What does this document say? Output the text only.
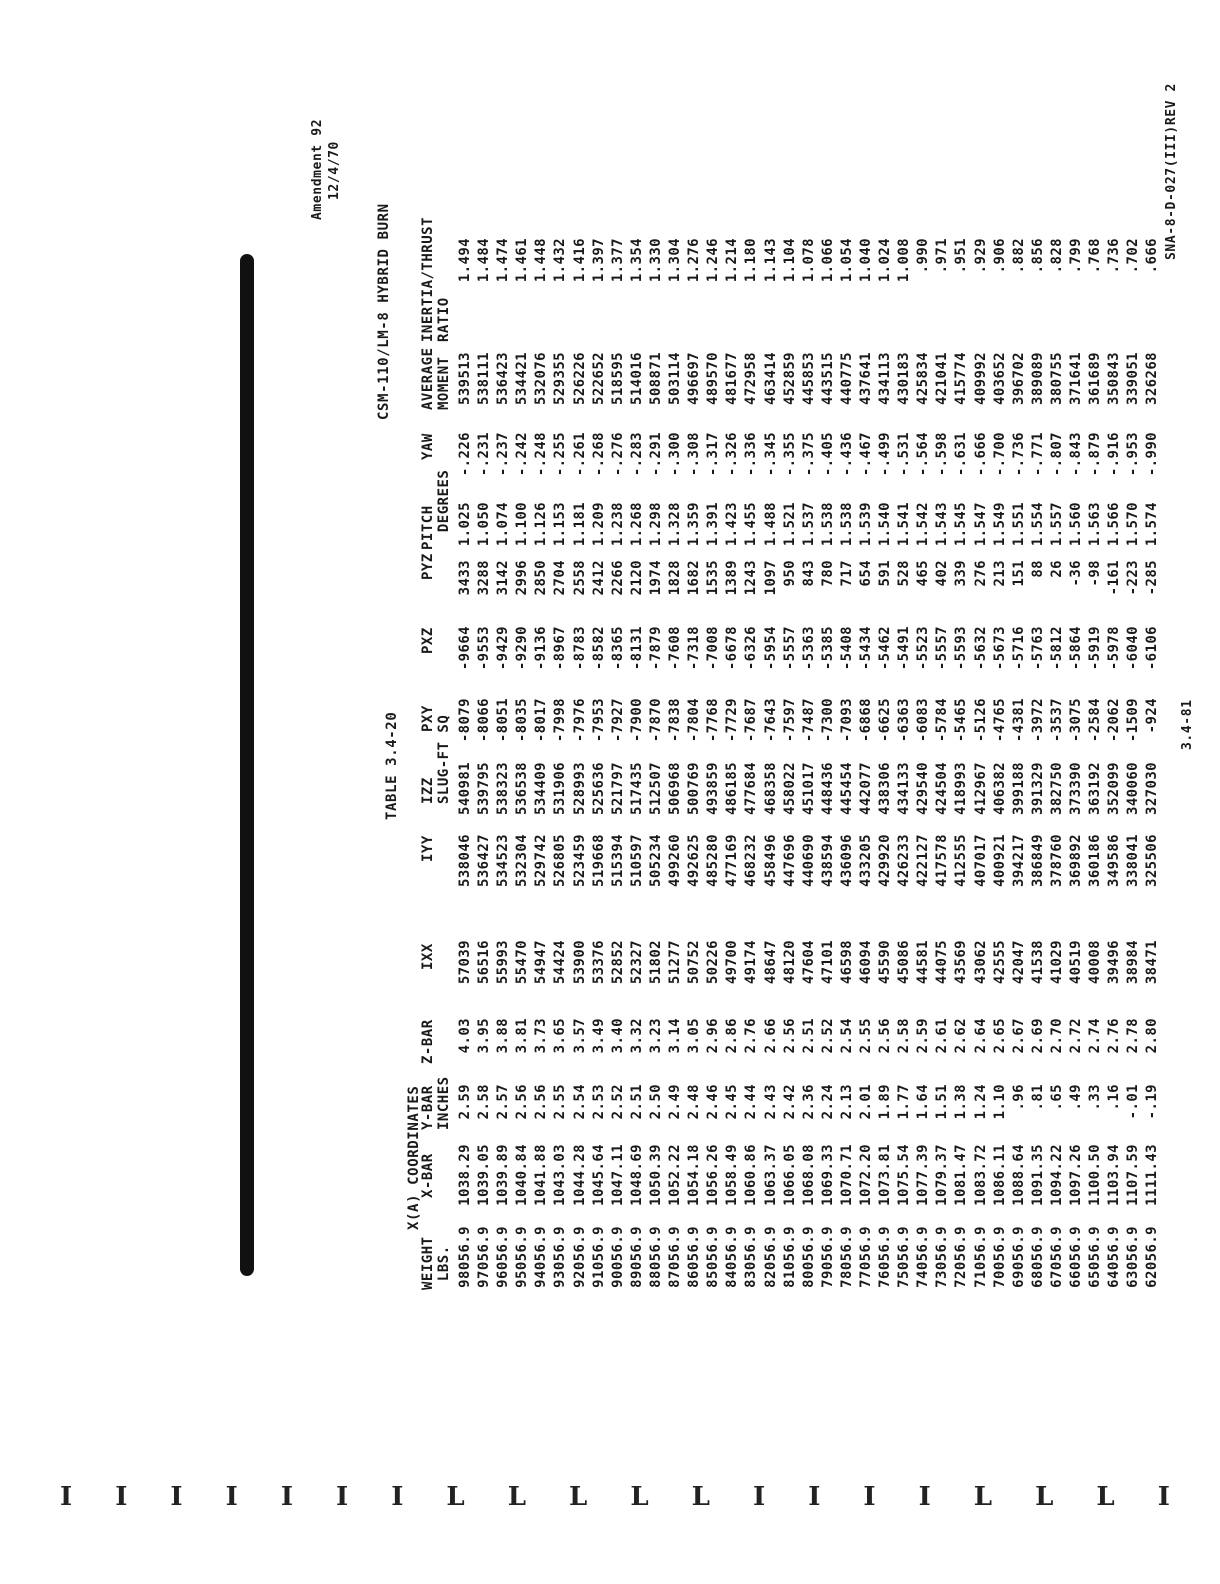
Amendment 92 12/4/70
TABLE 3.4-20
CSM-110/LM-8 HYBRID BURN
X(A) COORDINATES
WEIGHT
LBS. 98056.9 97056.9 96056.9 95056.9 94056.9 93056.9 92056.9 91056.9 90056.9 89056.9 88056.9 87056.9 86056.9 85056.9 84056.9 83056.9 82056.9 81056.9 80056.9 79056.9 78056.9 77056.9 76056.9 75056.9 74056.9 73056.9 72056.9 71056.9 70056.9 69056.9 68056.9 67056.9 66056.9 65056.9 64056.9 63056.9 62056.9
X-BAR 1038.29 1039.05 1039.89 1040.84 1041.88 1043.03 1044.28 1045.64 1047.11 1048.69 1050.39 1052.22 1054.18 1056.26 1058.49 1060.86 1063.37 1066.05 1068.08 1069.33 1070.71 1072.20 1073.81 1075.54 1077.39 1079.37 1081.47 1083.72 1086.11 1088.64 1091.35 1094.22 1097.26 1100.50 1103.94 1107.59 1111.43
Y-BAR
INCHES 2.59 2.58 2.57 2.56 2.56 2.55 2.54 2.53 2.52 2.51 2.50 2.49 2.48 2.46 2.45 2.44 2.43 2.42 2.36 2.24 2.13 2.01 1.89 1.77 1.64 1.51 1.38 1.24 1.10 .96 .81 .65 .49 .33 .16 -.01 -.19
Z-BAR 4.03 3.95 3.88 3.81 3.73 3.65 3.57 3.49 3.40 3.32 3.23 3.14 3.05 2.96 2.86 2.76 2.66 2.56 2.51 2.52 2.54 2.55 2.56 2.58 2.59 2.61 2.62 2.64 2.65 2.67 2.69 2.70 2.72 2.74 2.76 2.78 2.80
IXX 57039 56516 55993 55470 54947 54424 53900 53376 52852 52327 51802 51277 50752 50226 49700 49174 48647 48120 47604 47101 46598 46094 45590 45086 44581 44075 43569 43062 42555 42047 41538 41029 40519 40008 39496 38984 38471
IYY 538046 536427 534523 532304 529742 526805 523459 519668 515394 510597 505234 499260 492625 485280 477169 468232 458496 447696 440690 438594 436096 433205 429920 426233 422127 417578 412555 407017 400921 394217 386849 378760 369892 360186 349586 338041 325506
IZZ
SLUG-FT SQ
540981 539795 538323 536538 534409 531906 528993 525636 521797 517435 512507 506968 500769 493859 486185 477684 468358 458022 451017 448436 445454 442077 438306 434133 429540 424504 418993 412967 406382 399188 391329 382750 373390 363192 352099 340060 327030
PXY -8079 -8066 -8051 -8035 -8017 -7998 -7976 -7953 -7927 -7900 -7870 -7838 -7804 -7768 -7729 -7687 -7643 -7597 -7487 -7300 -7093 -6868 -6625 -6363 -6083 -5784 -5465 -5126 -4765 -4381 -3972 -3537 -3075 -2584 -2062 -1509 -924
PXZ -9664 -9553 -9429 -9290 -9136 -8967 -8783 -8582 -8365 -8131 -7879 -7608 -7318 -7008 -6678 -6326 -5954 -5557 -5363 -5385 -5408 -5434 -5462 -5491 -5523 -5557 -5593 -5632 -5673 -5716 -5763 -5812 -5864 -5919 -5978 -6040 -6106
PYZ 3433 3288 3142 2996 2850 2704 2558 2412 2266 2120 1974 1828 1682 1535 1389 1243 1097 950 843 780 717 654 591 528 465 402 339 276 213 151 88 26 -36 -98 -161 -223 -285
PITCH
DEGREES 1.025 1.050 1.074 1.100 1.126 1.153 1.181 1.209 1.238 1.268 1.298 1.328 1.359 1.391 1.423 1.455 1.488 1.521 1.537 1.538 1.538 1.539 1.540 1.541 1.542 1.543 1.545 1.547 1.549 1.551 1.554 1.557 1.560 1.563 1.566 1.570 1.574
YAW -.226 -.231 -.237 -.242 -.248 -.255 -.261 -.268 -.276 -.283 -.291 -.300 -.308 -.317 -.326 -.336 -.345 -.355 -.375 -.405 -.436 -.467 -.499 -.531 -.564 -.598 -.631 -.666 -.700 -.736 -.771 -.807 -.843 -.879 -.916 -.953 -.990
AVERAGE
MOMENT 539513 538111 536423 534421 532076 529355 526226 522652 518595 514016 508871 503114 496697 489570 481677 472958 463414 452859 445853 443515 440775 437641 434113 430183 425834 421041 415774 409992 403652 396702 389089 380755 371641 361689 350843 339051 326268
INERTIA/THRUST
RATIO
1.494 1.484 1.474 1.461 1.448 1.432 1.416 1.397 1.377 1.354 1.330 1.304 1.276 1.246 1.214 1.180 1.143 1.104 1.078 1.066 1.054 1.040 1.024 1.008 .990 .971 .951 .929 .906 .882 .856 .828 .799 .768 .736 .702 .666
3.4-81
SNA-8-D-027(III)REV 2
I I I I I I I L L L L L I I I I L L L I
